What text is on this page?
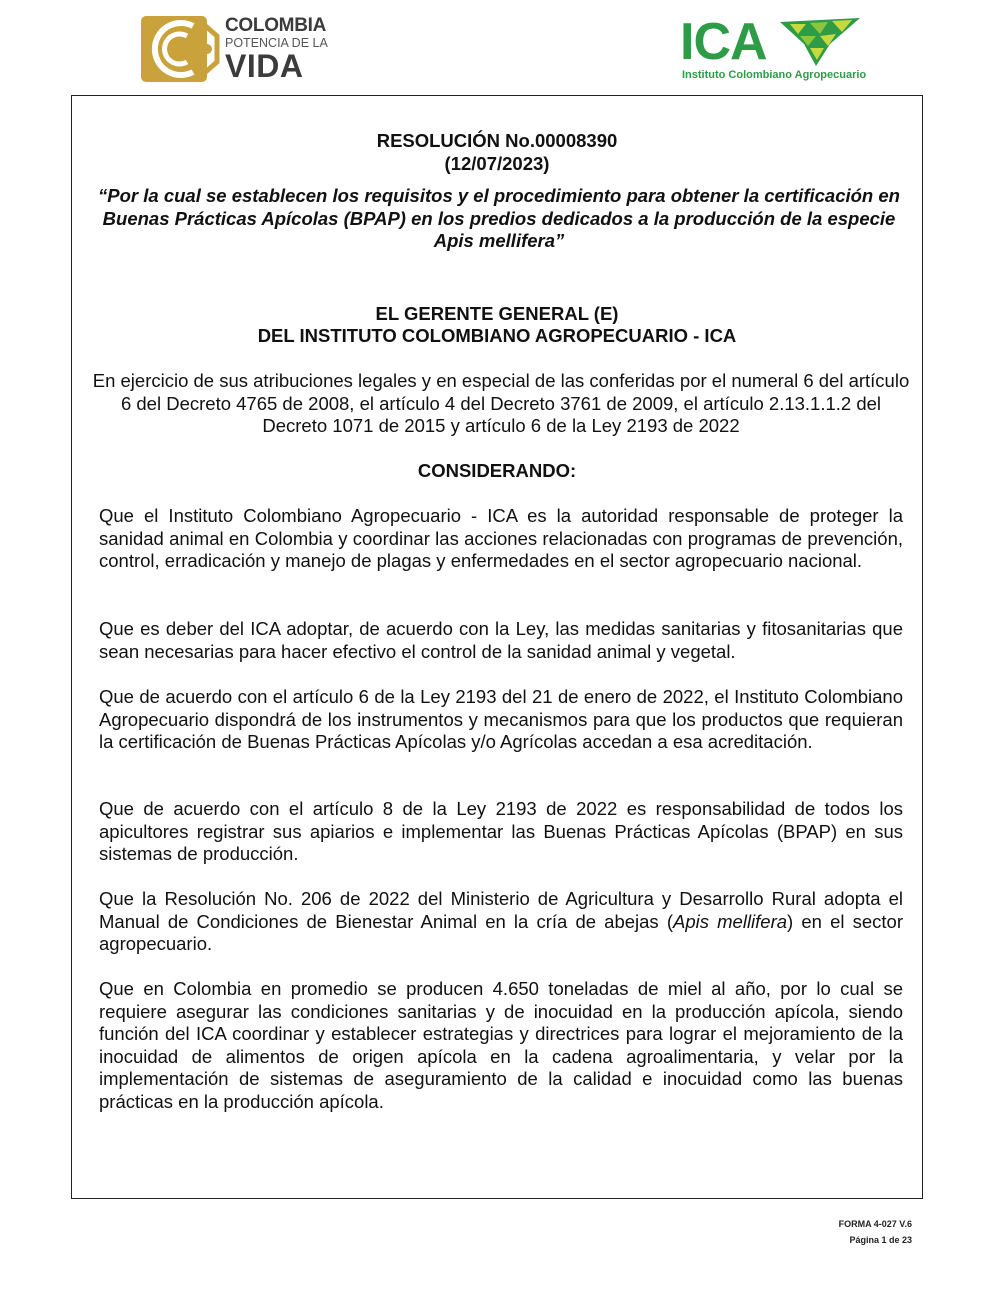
COLOMBIA
POTENCIA DE LA
VIDA	ICA
Instituto Colombiano Agropecuario
RESOLUCIÓN No.00008390
(12/07/2023)
“Por la cual se establecen los requisitos y el procedimiento para obtener la certificación en Buenas Prácticas Apícolas (BPAP) en los predios dedicados a la producción de la especie Apis mellifera”
EL GERENTE GENERAL (E)
DEL INSTITUTO COLOMBIANO AGROPECUARIO - ICA
En ejercicio de sus atribuciones legales y en especial de las conferidas por el numeral 6 del artículo 6 del Decreto 4765 de 2008, el artículo 4 del Decreto 3761 de 2009, el artículo 2.13.1.1.2 del Decreto 1071 de 2015 y artículo 6 de la Ley 2193 de 2022
CONSIDERANDO:
Que el Instituto Colombiano Agropecuario - ICA es la autoridad responsable de proteger la sanidad animal en Colombia y coordinar las acciones relacionadas con programas de prevención, control, erradicación y manejo de plagas y enfermedades en el sector agropecuario nacional.
Que es deber del ICA adoptar, de acuerdo con la Ley, las medidas sanitarias y fitosanitarias que sean necesarias para hacer efectivo el control de la sanidad animal y vegetal.
Que de acuerdo con el artículo 6 de la Ley 2193 del 21 de enero de 2022, el Instituto Colombiano Agropecuario dispondrá de los instrumentos y mecanismos para que los productos que requieran la certificación de Buenas Prácticas Apícolas y/o Agrícolas accedan a esa acreditación.
Que de acuerdo con el artículo 8 de la Ley 2193 de 2022 es responsabilidad de todos los apicultores registrar sus apiarios e implementar las Buenas Prácticas Apícolas (BPAP) en sus sistemas de producción.
Que la Resolución No. 206 de 2022 del Ministerio de Agricultura y Desarrollo Rural adopta el Manual de Condiciones de Bienestar Animal en la cría de abejas (Apis mellifera) en el sector agropecuario.
Que en Colombia en promedio se producen 4.650 toneladas de miel al año, por lo cual se requiere asegurar las condiciones sanitarias y de inocuidad en la producción apícola, siendo función del ICA coordinar y establecer estrategias y directrices para lograr el mejoramiento de la inocuidad de alimentos de origen apícola en la cadena agroalimentaria, y velar por la implementación de sistemas de aseguramiento de la calidad e inocuidad como las buenas prácticas en la producción apícola.
FORMA 4-027 V.6
Página 1 de 23
